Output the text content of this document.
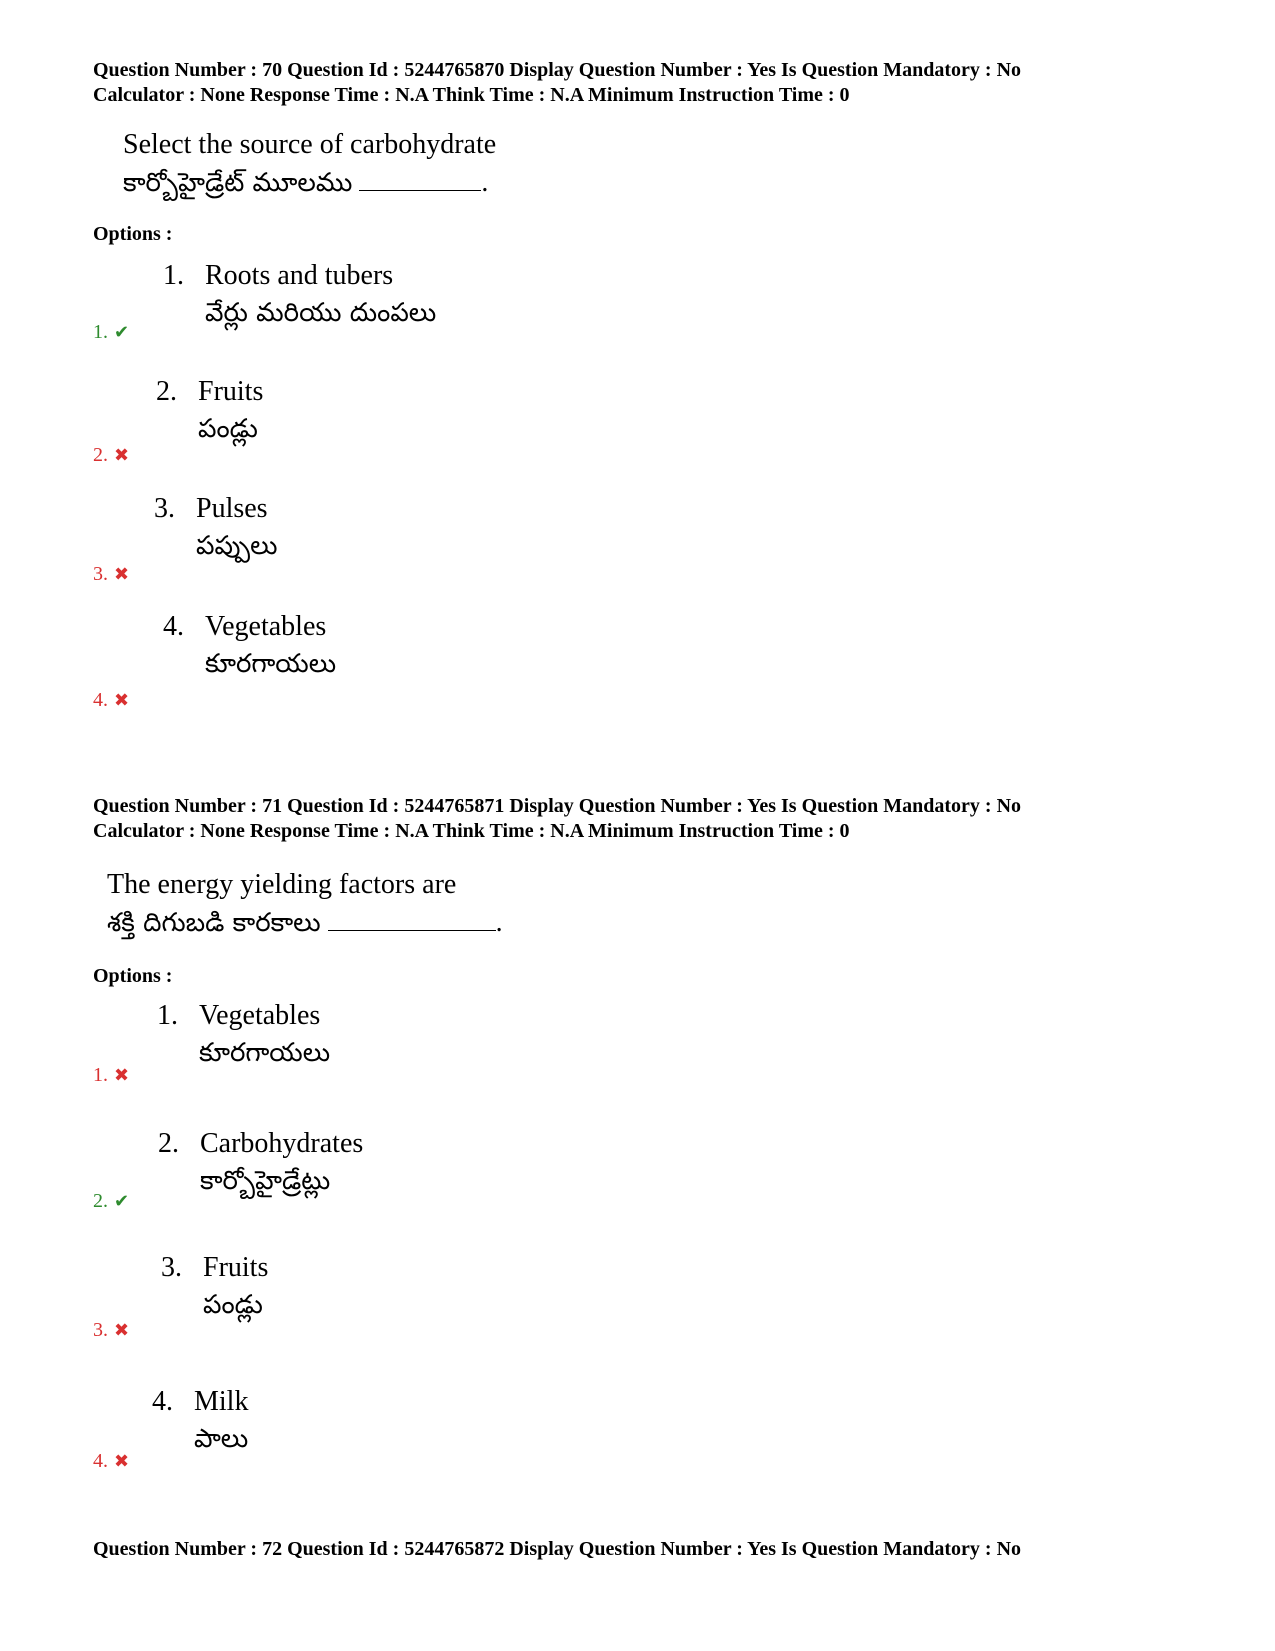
Question Number : 70 Question Id : 5244765870 Display Question Number : Yes Is Question Mandatory : No
Calculator : None Response Time : N.A Think Time : N.A Minimum Instruction Time : 0
Select the source of carbohydrate
కార్బోహైడ్రేట్ మూలము	.
Options :
1. Roots and tubers
వేర్లు మరియు దుంపలు
1. ✔
2. Fruits
పండ్లు
2. ✖
3. Pulses
పప్పులు
3. ✖
4. Vegetables
కూరగాయలు
4. ✖
Question Number : 71 Question Id : 5244765871 Display Question Number : Yes Is Question Mandatory : No
Calculator : None Response Time : N.A Think Time : N.A Minimum Instruction Time : 0
The energy yielding factors are
శక్తి దిగుబడి కారకాలు	.
Options :
1. Vegetables
కూరగాయలు
1. ✖
2. Carbohydrates
కార్బోహైడ్రేట్లు
2. ✔
3. Fruits
పండ్లు
3. ✖
4. Milk
పాలు
4. ✖
Question Number : 72 Question Id : 5244765872 Display Question Number : Yes Is Question Mandatory : No
